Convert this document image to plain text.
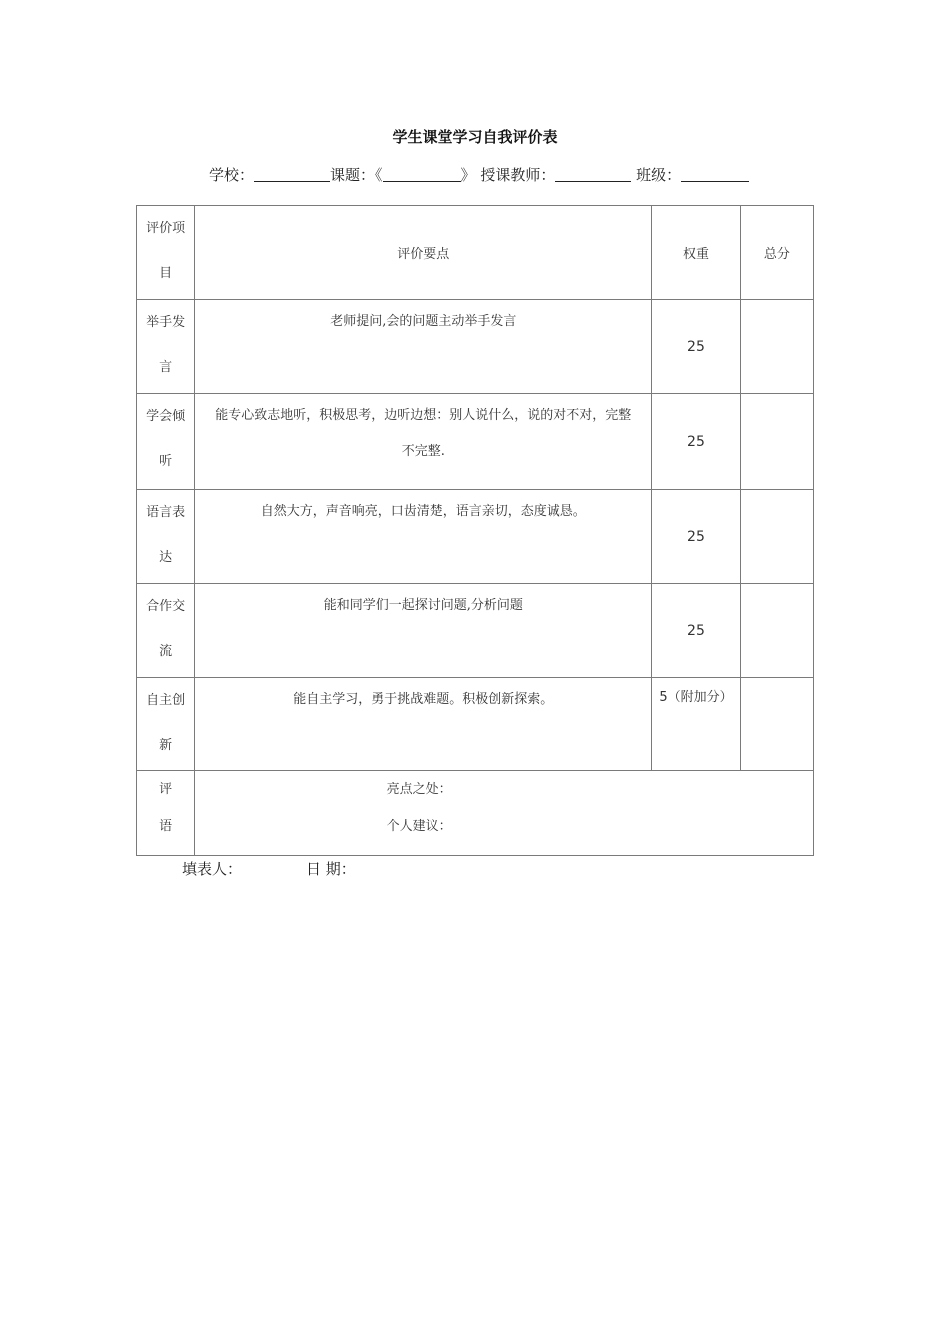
学生课堂学习自我评价表
学校：	课题：《	》 授课教师：	班级：
评价项
目	评价要点	权重	总分

举手发
言	老师提问,会的问题主动举手发言	25	

学会倾
听	能专心致志地听，积极思考，边听边想：别人说什么，说的对不对，完整
不完整.	25	

语言表
达	自然大方，声音响亮，口齿清楚，语言亲切，态度诚恳。	25	

合作交
流	能和同学们一起探讨问题,分析问题	25	

自主创
新	能自主学习，勇于挑战难题。积极创新探索。	5（附加分）	

评
语	亮点之处：
个人建议：		
填表人：	日 期：
